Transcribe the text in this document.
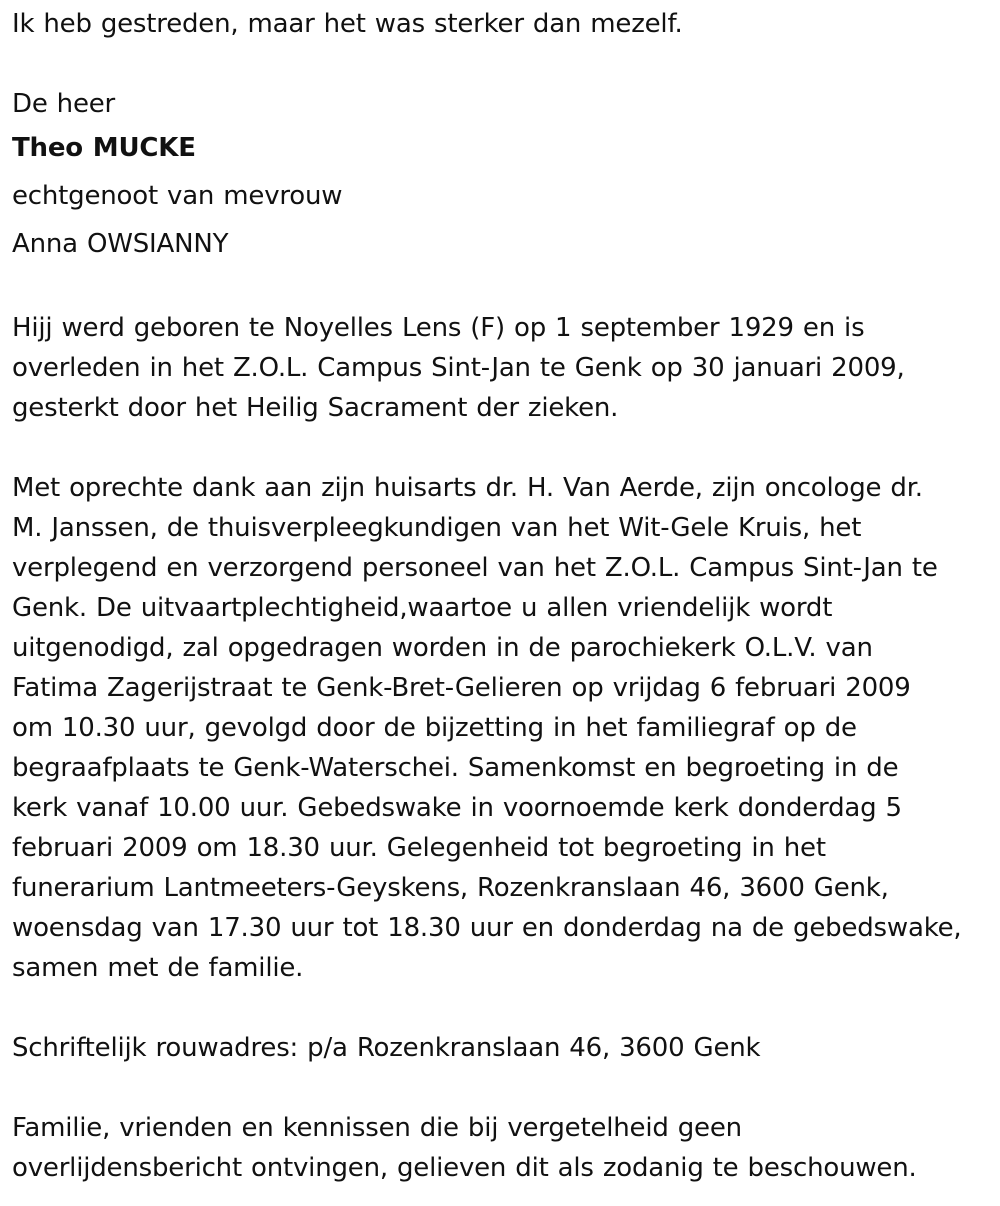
Ik heb gestreden, maar het was sterker dan mezelf.

De heer

Theo MUCKE

echtgenoot van mevrouw

Anna OWSIANNY

Hijj werd geboren te Noyelles Lens (F) op 1 september 1929 en is
overleden in het Z.O.L. Campus Sint-Jan te Genk op 30 januari 2009,
gesterkt door het Heilig Sacrament der zieken.

Met oprechte dank aan zijn huisarts dr. H. Van Aerde, zijn oncologe dr.
M. Janssen, de thuisverpleegkundigen van het Wit-Gele Kruis, het
verplegend en verzorgend personeel van het Z.O.L. Campus Sint-Jan te
Genk. De uitvaartplechtigheid,waartoe u allen vriendelijk wordt
uitgenodigd, zal opgedragen worden in de parochiekerk O.L.V. van
Fatima Zagerijstraat te Genk-Bret-Gelieren op vrijdag 6 februari 2009
om 10.30 uur, gevolgd door de bijzetting in het familiegraf op de
begraafplaats te Genk-Waterschei. Samenkomst en begroeting in de
kerk vanaf 10.00 uur. Gebedswake in voornoemde kerk donderdag 5
februari 2009 om 18.30 uur. Gelegenheid tot begroeting in het
funerarium Lantmeeters-Geyskens, Rozenkranslaan 46, 3600 Genk,
woensdag van 17.30 uur tot 18.30 uur en donderdag na de gebedswake,
samen met de familie.

Schriftelijk rouwadres: p/a Rozenkranslaan 46, 3600 Genk

Familie, vrienden en kennissen die bij vergetelheid geen
overlijdensbericht ontvingen, gelieven dit als zodanig te beschouwen.
